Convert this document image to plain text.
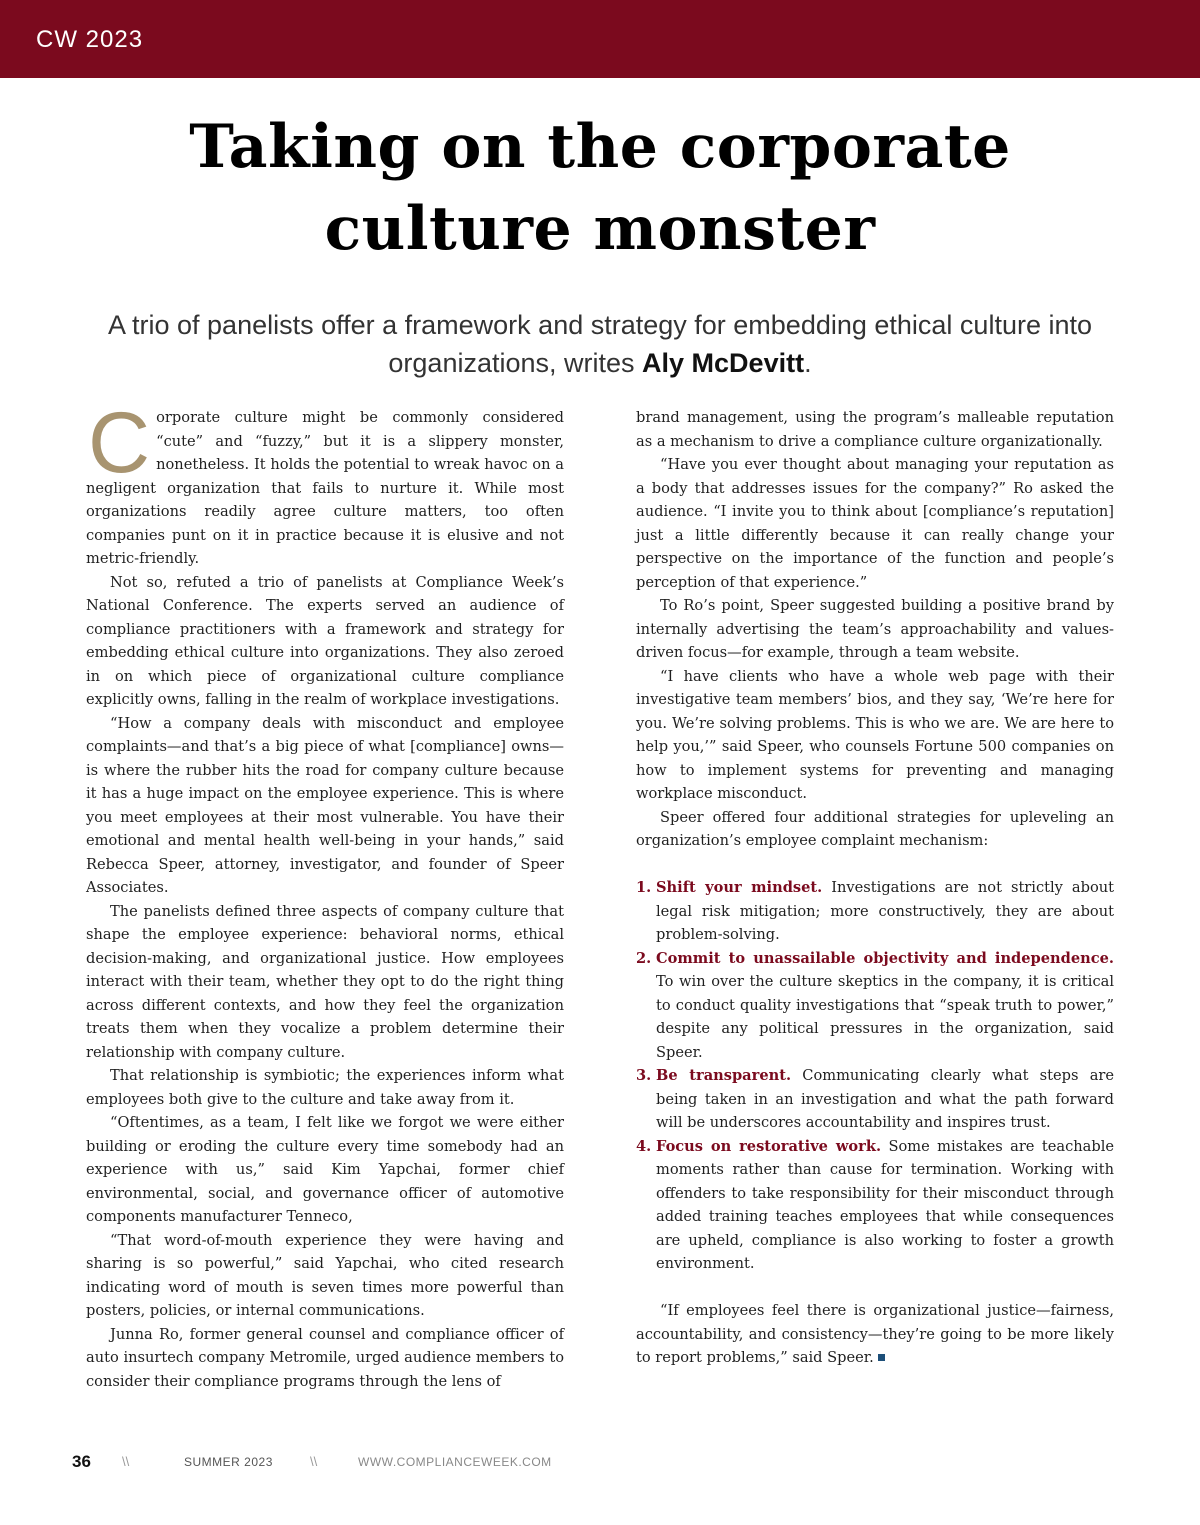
CW 2023
Taking on the corporate
culture monster

A trio of panelists offer a framework and strategy for embedding ethical culture into organizations, writes Aly McDevitt.

Corporate culture might be commonly considered “cute” and “fuzzy,” but it is a slippery monster, nonetheless. It holds the potential to wreak havoc on a negligent organization that fails to nurture it. While most organizations readily agree culture matters, too often companies punt on it in practice because it is elusive and not metric-friendly.

Not so, refuted a trio of panelists at Compliance Week’s National Conference. The experts served an audience of compliance practitioners with a framework and strategy for embedding ethical culture into organizations. They also zeroed in on which piece of organizational culture compliance explicitly owns, falling in the realm of workplace investigations.

“How a company deals with misconduct and employee complaints—and that’s a big piece of what [compliance] owns—is where the rubber hits the road for company culture because it has a huge impact on the employee experience. This is where you meet employees at their most vulnerable. You have their emotional and mental health well-being in your hands,” said Rebecca Speer, attorney, investigator, and founder of Speer Associates.

The panelists defined three aspects of company culture that shape the employee experience: behavioral norms, ethical decision-making, and organizational justice. How employees interact with their team, whether they opt to do the right thing across different contexts, and how they feel the organization treats them when they vocalize a problem determine their relationship with company culture.

That relationship is symbiotic; the experiences inform what employees both give to the culture and take away from it.

“Oftentimes, as a team, I felt like we forgot we were either building or eroding the culture every time somebody had an experience with us,” said Kim Yapchai, former chief environmental, social, and governance officer of automotive components manufacturer Tenneco,

“That word-of-mouth experience they were having and sharing is so powerful,” said Yapchai, who cited research indicating word of mouth is seven times more powerful than posters, policies, or internal communications.

Junna Ro, former general counsel and compliance officer of auto insurtech company Metromile, urged audience members to consider their compliance programs through the lens of

brand management, using the program’s malleable reputation as a mechanism to drive a compliance culture organizationally.

“Have you ever thought about managing your reputation as a body that addresses issues for the company?” Ro asked the audience. “I invite you to think about [compliance’s reputation] just a little differently because it can really change your perspective on the importance of the function and people’s perception of that experience.”

To Ro’s point, Speer suggested building a positive brand by internally advertising the team’s approachability and values-driven focus—for example, through a team website.

“I have clients who have a whole web page with their investigative team members’ bios, and they say, ‘We’re here for you. We’re solving problems. This is who we are. We are here to help you,’” said Speer, who counsels Fortune 500 companies on how to implement systems for preventing and managing workplace misconduct.

Speer offered four additional strategies for upleveling an organization’s employee complaint mechanism:

1. Shift your mindset. Investigations are not strictly about legal risk mitigation; more constructively, they are about problem-solving.
2. Commit to unassailable objectivity and independence. To win over the culture skeptics in the company, it is critical to conduct quality investigations that “speak truth to power,” despite any political pressures in the organization, said Speer.
3. Be transparent. Communicating clearly what steps are being taken in an investigation and what the path forward will be underscores accountability and inspires trust.
4. Focus on restorative work. Some mistakes are teachable moments rather than cause for termination. Working with offenders to take responsibility for their misconduct through added training teaches employees that while consequences are upheld, compliance is also working to foster a growth environment.

“If employees feel there is organizational justice—fairness, accountability, and consistency—they’re going to be more likely to report problems,” said Speer.

36 \\	SUMMER 2023	\\	WWW.COMPLIANCEWEEK.COM
